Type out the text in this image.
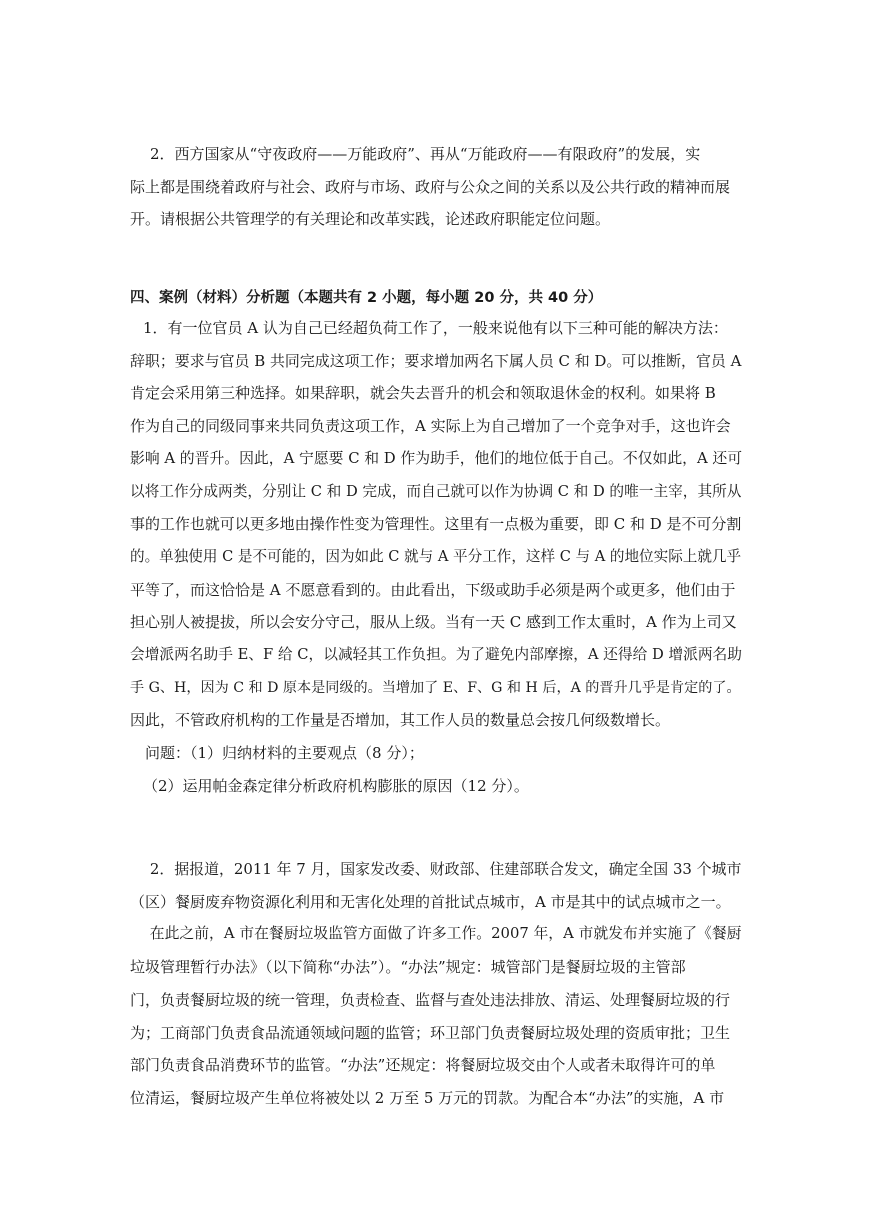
　2．西方国家从“守夜政府——万能政府”、再从“万能政府——有限政府”的发展，实
际上都是围绕着政府与社会、政府与市场、政府与公众之间的关系以及公共行政的精神而展
开。请根据公共管理学的有关理论和改革实践，论述政府职能定位问题。
四、案例（材料）分析题（本题共有 2 小题，每小题 20 分，共 40 分）
1．有一位官员 A 认为自己已经超负荷工作了，一般来说他有以下三种可能的解决方法：
辞职；要求与官员 B 共同完成这项工作；要求增加两名下属人员 C 和 D。可以推断，官员 A
肯定会采用第三种选择。如果辞职，就会失去晋升的机会和领取退休金的权利。如果将 B
作为自己的同级同事来共同负责这项工作，A 实际上为自己增加了一个竞争对手，这也许会
影响 A 的晋升。因此，A 宁愿要 C 和 D 作为助手，他们的地位低于自己。不仅如此，A 还可
以将工作分成两类，分别让 C 和 D 完成，而自己就可以作为协调 C 和 D 的唯一主宰，其所从
事的工作也就可以更多地由操作性变为管理性。这里有一点极为重要，即 C 和 D 是不可分割
的。单独使用 C 是不可能的，因为如此 C 就与 A 平分工作，这样 C 与 A 的地位实际上就几乎
平等了，而这恰恰是 A 不愿意看到的。由此看出，下级或助手必须是两个或更多，他们由于
担心别人被提拔，所以会安分守己，服从上级。当有一天 C 感到工作太重时，A 作为上司又
会增派两名助手 E、F 给 C，以减轻其工作负担。为了避免内部摩擦，A 还得给 D 增派两名助
手 G、H，因为 C 和 D 原本是同级的。当增加了 E、F、G 和 H 后，A 的晋升几乎是肯定的了。
因此，不管政府机构的工作量是否增加，其工作人员的数量总会按几何级数增长。
问题：（1）归纳材料的主要观点（8 分）；
（2）运用帕金森定律分析政府机构膨胀的原因（12 分）。
　2．据报道，2011 年 7 月，国家发改委、财政部、住建部联合发文，确定全国 33 个城市
（区）餐厨废弃物资源化利用和无害化处理的首批试点城市，A 市是其中的试点城市之一。
　在此之前，A 市在餐厨垃圾监管方面做了许多工作。2007 年，A 市就发布并实施了《餐厨
垃圾管理暂行办法》（以下简称“办法”）。“办法”规定：城管部门是餐厨垃圾的主管部
门，负责餐厨垃圾的统一管理，负责检查、监督与查处违法排放、清运、处理餐厨垃圾的行
为；工商部门负责食品流通领域问题的监管；环卫部门负责餐厨垃圾处理的资质审批；卫生
部门负责食品消费环节的监管。“办法”还规定：将餐厨垃圾交由个人或者未取得许可的单
位清运，餐厨垃圾产生单位将被处以 2 万至 5 万元的罚款。为配合本“办法”的实施，A 市
